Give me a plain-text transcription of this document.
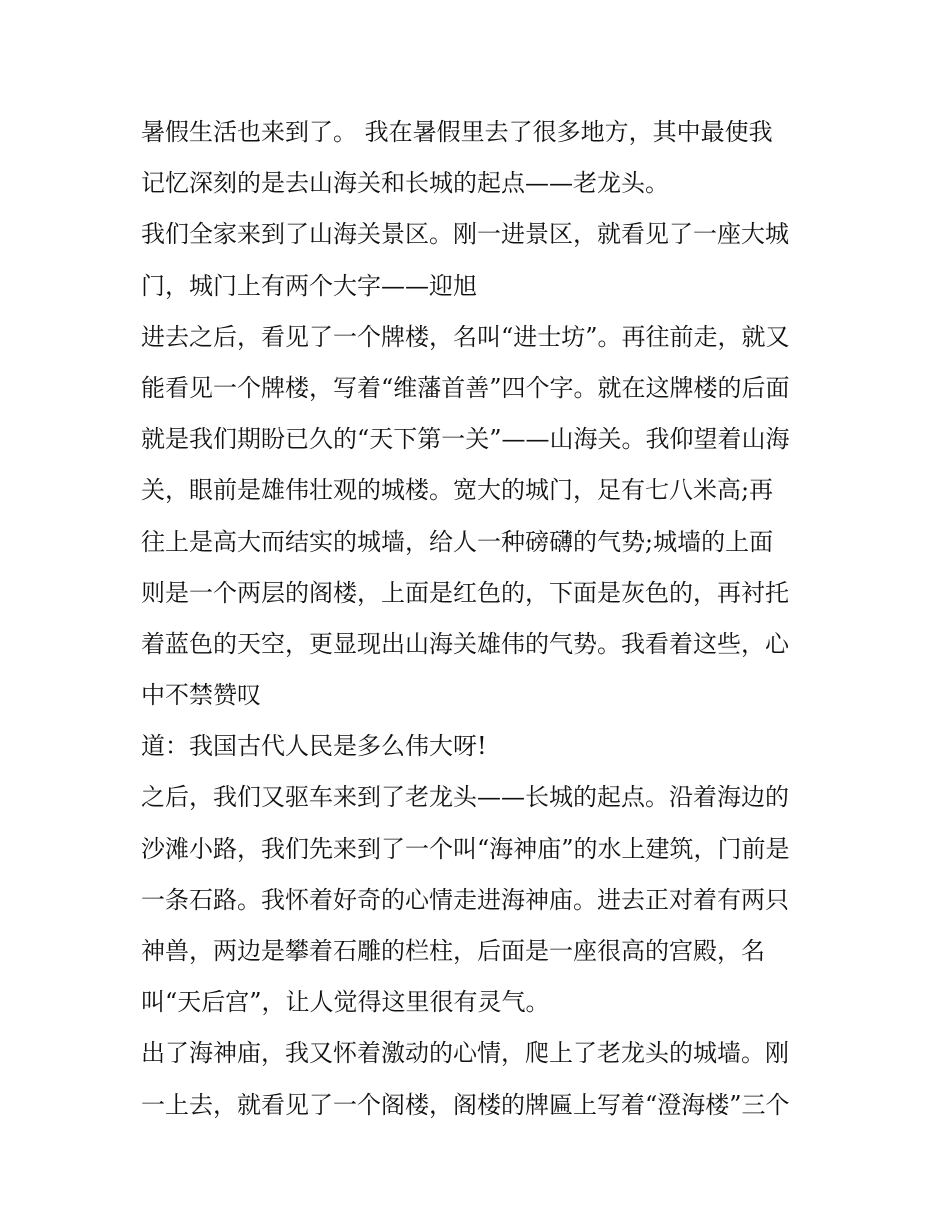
暑假生活也来到了。 我在暑假里去了很多地方，其中最使我
记忆深刻的是去山海关和长城的起点——老龙头。
我们全家来到了山海关景区。刚一进景区，就看见了一座大城
门，城门上有两个大字——迎旭
进去之后，看见了一个牌楼，名叫“进士坊”。再往前走，就又
能看见一个牌楼，写着“维藩首善”四个字。就在这牌楼的后面
就是我们期盼已久的“天下第一关”——山海关。我仰望着山海
关，眼前是雄伟壮观的城楼。宽大的城门，足有七八米高;再
往上是高大而结实的城墙，给人一种磅礴的气势;城墙的上面
则是一个两层的阁楼，上面是红色的，下面是灰色的，再衬托
着蓝色的天空，更显现出山海关雄伟的气势。我看着这些，心
中不禁赞叹
道：我国古代人民是多么伟大呀!
之后，我们又驱车来到了老龙头——长城的起点。沿着海边的
沙滩小路，我们先来到了一个叫“海神庙”的水上建筑，门前是
一条石路。我怀着好奇的心情走进海神庙。进去正对着有两只
神兽，两边是攀着石雕的栏柱，后面是一座很高的宫殿，名
叫“天后宫”，让人觉得这里很有灵气。
出了海神庙，我又怀着激动的心情，爬上了老龙头的城墙。刚
一上去，就看见了一个阁楼，阁楼的牌匾上写着“澄海楼”三个
